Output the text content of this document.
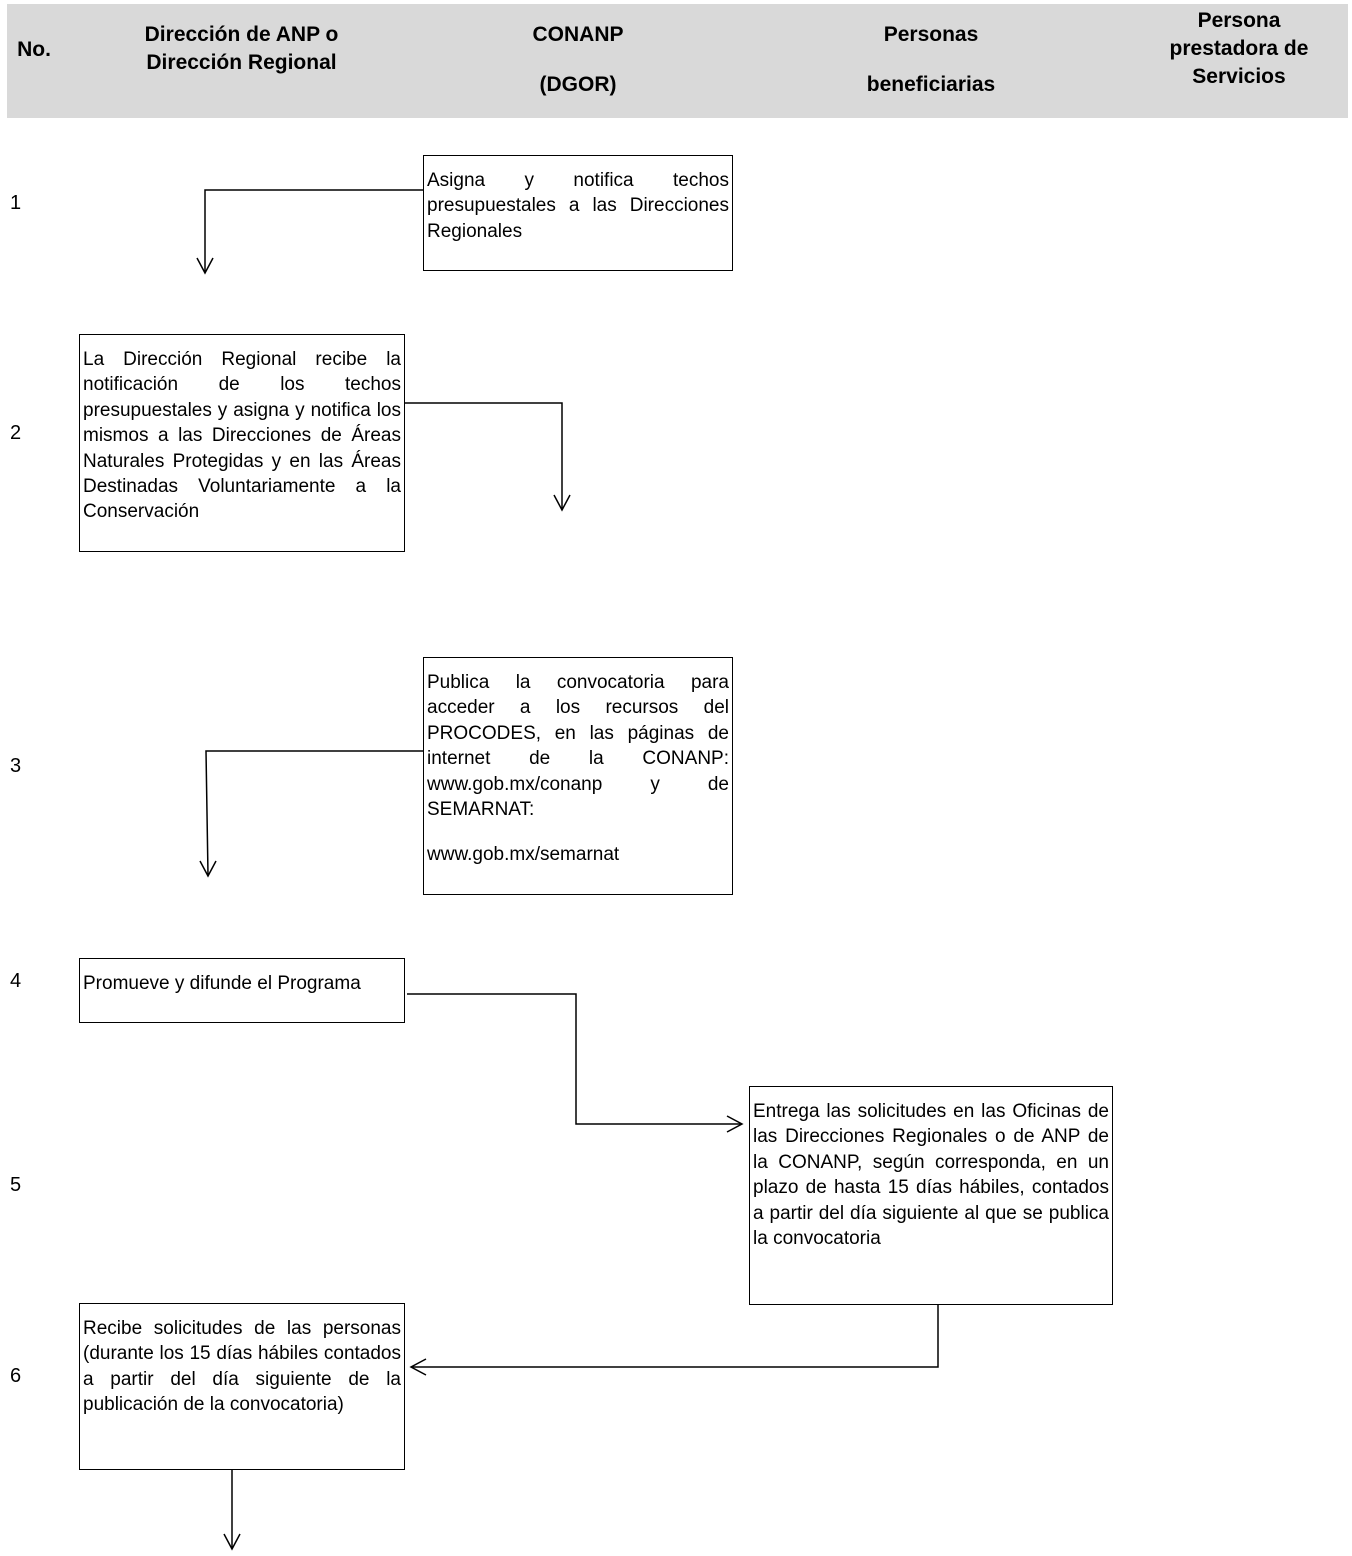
No.
Dirección de ANP o
Dirección Regional
CONANP
(DGOR)
Personas
beneficiarias
Persona
prestadora de
Servicios
1
2
3
4
5
6
Asigna y notifica techos presupuestales a las Direcciones Regionales
La Dirección Regional recibe la notificación de los techos presupuestales y asigna y notifica los mismos a las Direcciones de Áreas Naturales Protegidas y en las Áreas Destinadas Voluntariamente a la Conservación
Publica la convocatoria para acceder a los recursos del PROCODES, en las páginas de internet de la CONANP: www.gob.mx/conanp y de SEMARNAT:
www.gob.mx/semarnat
Promueve y difunde el Programa
Entrega las solicitudes en las Oficinas de las Direcciones Regionales o de ANP de la CONANP, según corresponda, en un plazo de hasta 15 días hábiles, contados a partir del día siguiente al que se publica la convocatoria
Recibe solicitudes de las personas (durante los 15 días hábiles contados a partir del día siguiente de la publicación de la convocatoria)
